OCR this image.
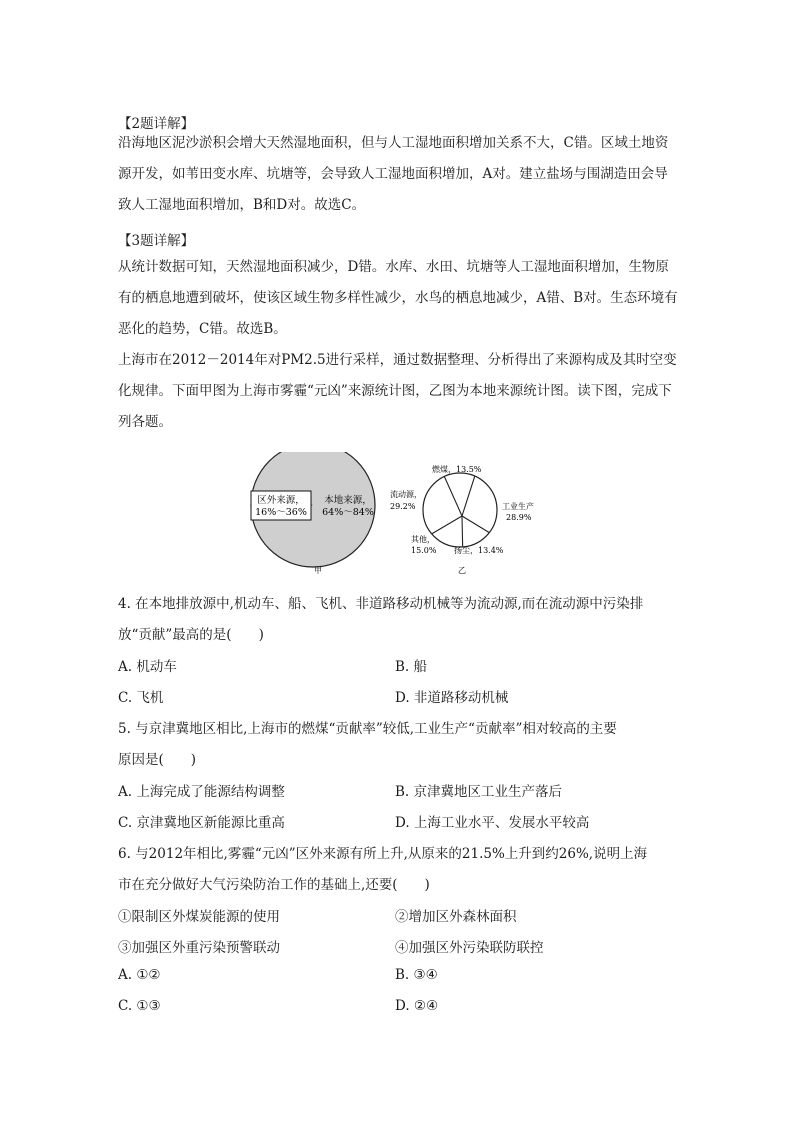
【2题详解】

沿海地区泥沙淤积会增大天然湿地面积，但与人工湿地面积增加关系不大，C错。区域土地资源开发，如苇田变水库、坑塘等，会导致人工湿地面积增加，A对。建立盐场与围湖造田会导致人工湿地面积增加，B和D对。故选C。

【3题详解】

从统计数据可知，天然湿地面积减少，D错。水库、水田、坑塘等人工湿地面积增加，生物原有的栖息地遭到破坏，使该区域生物多样性减少，水鸟的栖息地减少，A错、B对。生态环境有恶化的趋势，C错。故选B。

上海市在2012－2014年对PM2.5进行采样，通过数据整理、分析得出了来源构成及其时空变化规律。下面甲图为上海市雾霾“元凶”来源统计图，乙图为本地来源统计图。读下图，完成下列各题。

区外来源，
16%～36%
本地来源，
64%～84%
甲
燃煤，13.5%
流动源，
29.2%	工业生产
28.9%
其他，
15.0% 扬尘，13.4%
乙
4. 在本地排放源中,机动车、船、飞机、非道路移动机械等为流动源,而在流动源中污染排
放“贡献”最高的是(　　)
A. 机动车	B. 船
C. 飞机	D. 非道路移动机械
5. 与京津冀地区相比,上海市的燃煤“贡献率”较低,工业生产“贡献率”相对较高的主要
原因是(　　)
A. 上海完成了能源结构调整	B. 京津冀地区工业生产落后
C. 京津冀地区新能源比重高	D. 上海工业水平、发展水平较高
6. 与2012年相比,雾霾“元凶”区外来源有所上升,从原来的21.5%上升到约26%,说明上海
市在充分做好大气污染防治工作的基础上,还要(　　)
①限制区外煤炭能源的使用	②增加区外森林面积
③加强区外重污染预警联动	④加强区外污染联防联控
A. ①②	B. ③④
C. ①③	D. ②④
